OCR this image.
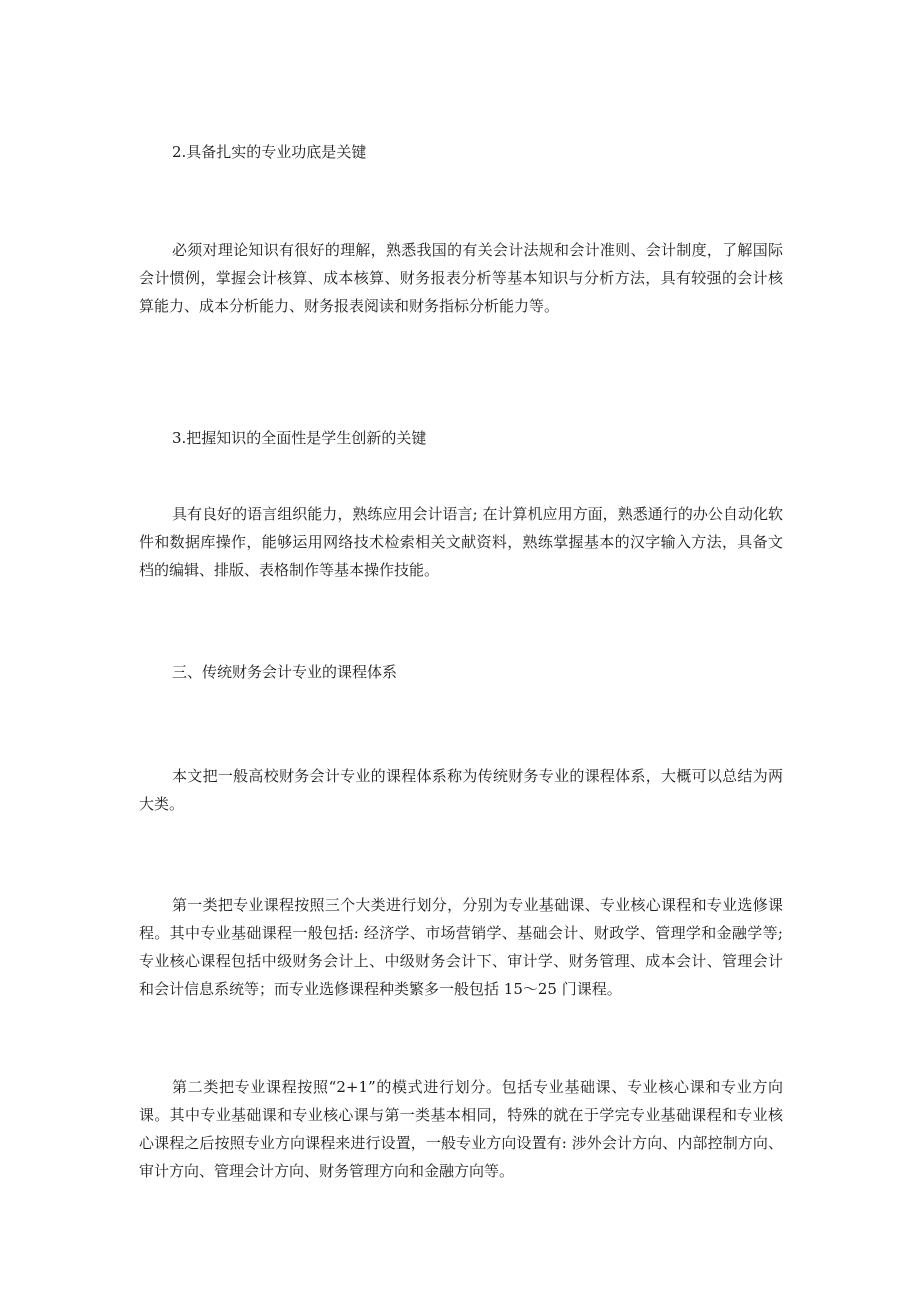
2.具备扎实的专业功底是关键

必须对理论知识有很好的理解，熟悉我国的有关会计法规和会计准则、会计制度，了解国际会计惯例，掌握会计核算、成本核算、财务报表分析等基本知识与分析方法，具有较强的会计核算能力、成本分析能力、财务报表阅读和财务指标分析能力等。

3.把握知识的全面性是学生创新的关键

具有良好的语言组织能力，熟练应用会计语言; 在计算机应用方面，熟悉通行的办公自动化软件和数据库操作，能够运用网络技术检索相关文献资料，熟练掌握基本的汉字输入方法，具备文档的编辑、排版、表格制作等基本操作技能。

三、传统财务会计专业的课程体系

本文把一般高校财务会计专业的课程体系称为传统财务专业的课程体系，大概可以总结为两大类。

第一类把专业课程按照三个大类进行划分，分别为专业基础课、专业核心课程和专业选修课程。其中专业基础课程一般包括: 经济学、市场营销学、基础会计、财政学、管理学和金融学等; 专业核心课程包括中级财务会计上、中级财务会计下、审计学、财务管理、成本会计、管理会计和会计信息系统等；而专业选修课程种类繁多一般包括 15～25 门课程。

第二类把专业课程按照“2+1”的模式进行划分。包括专业基础课、专业核心课和专业方向课。其中专业基础课和专业核心课与第一类基本相同，特殊的就在于学完专业基础课程和专业核心课程之后按照专业方向课程来进行设置，一般专业方向设置有: 涉外会计方向、内部控制方向、审计方向、管理会计方向、财务管理方向和金融方向等。
